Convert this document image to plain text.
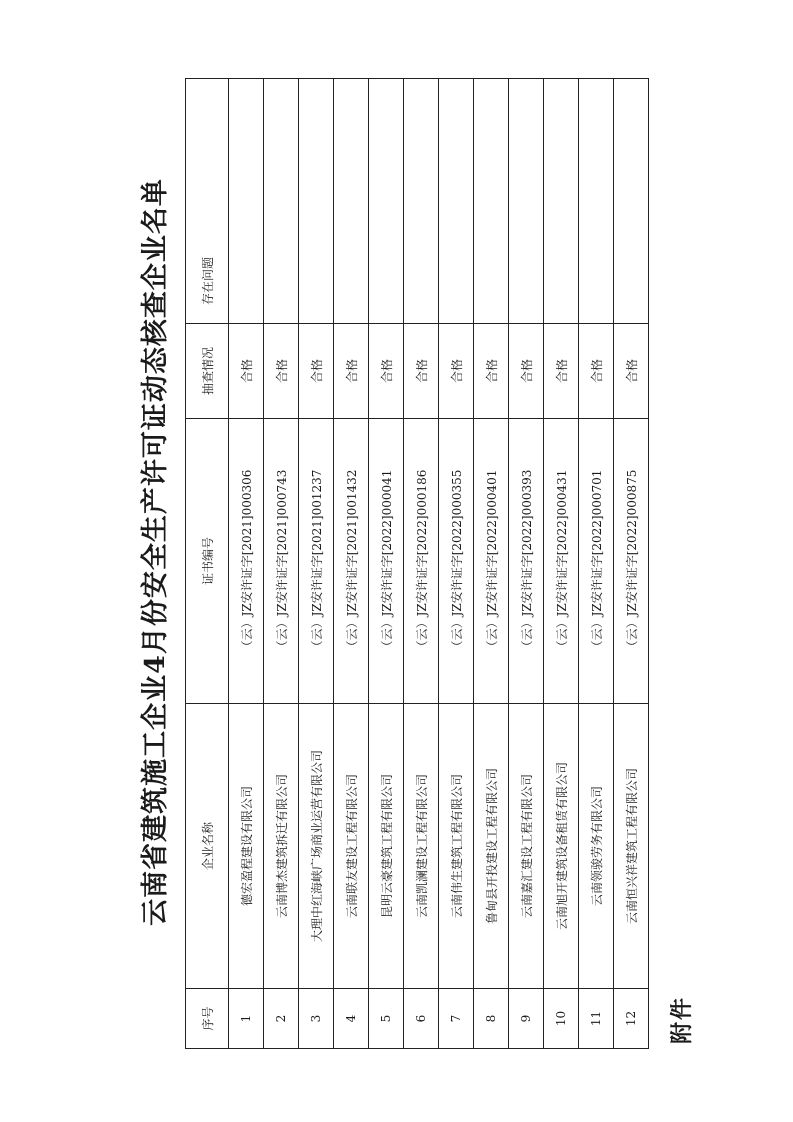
附件
云南省建筑施工企业4月份安全生产许可证动态核查企业名单
序号	企业名称	证书编号	抽查情况	存在问题
1	德宏盈程建设有限公司	（云）JZ安许证字[2021]000306	合格	
2	云南博杰建筑拆迁有限公司	（云）JZ安许证字[2021]000743	合格	
3	大理中红海峡广场商业运营有限公司	（云）JZ安许证字[2021]001237	合格	
4	云南联友建设工程有限公司	（云）JZ安许证字[2021]001432	合格	
5	昆明云豪建筑工程有限公司	（云）JZ安许证字[2022]000041	合格	
6	云南凯澜建设工程有限公司	（云）JZ安许证字[2022]000186	合格	
7	云南伟生建筑工程有限公司	（云）JZ安许证字[2022]000355	合格	
8	鲁甸县开投建设工程有限公司	（云）JZ安许证字[2022]000401	合格	
9	云南嘉汇建设工程有限公司	（云）JZ安许证字[2022]000393	合格	
10	云南旭开建筑设备租赁有限公司	（云）JZ安许证字[2022]000431	合格	
11	云南领骏劳务有限公司	（云）JZ安许证字[2022]000701	合格	
12	云南恒兴祥建筑工程有限公司	（云）JZ安许证字[2022]000875	合格	
